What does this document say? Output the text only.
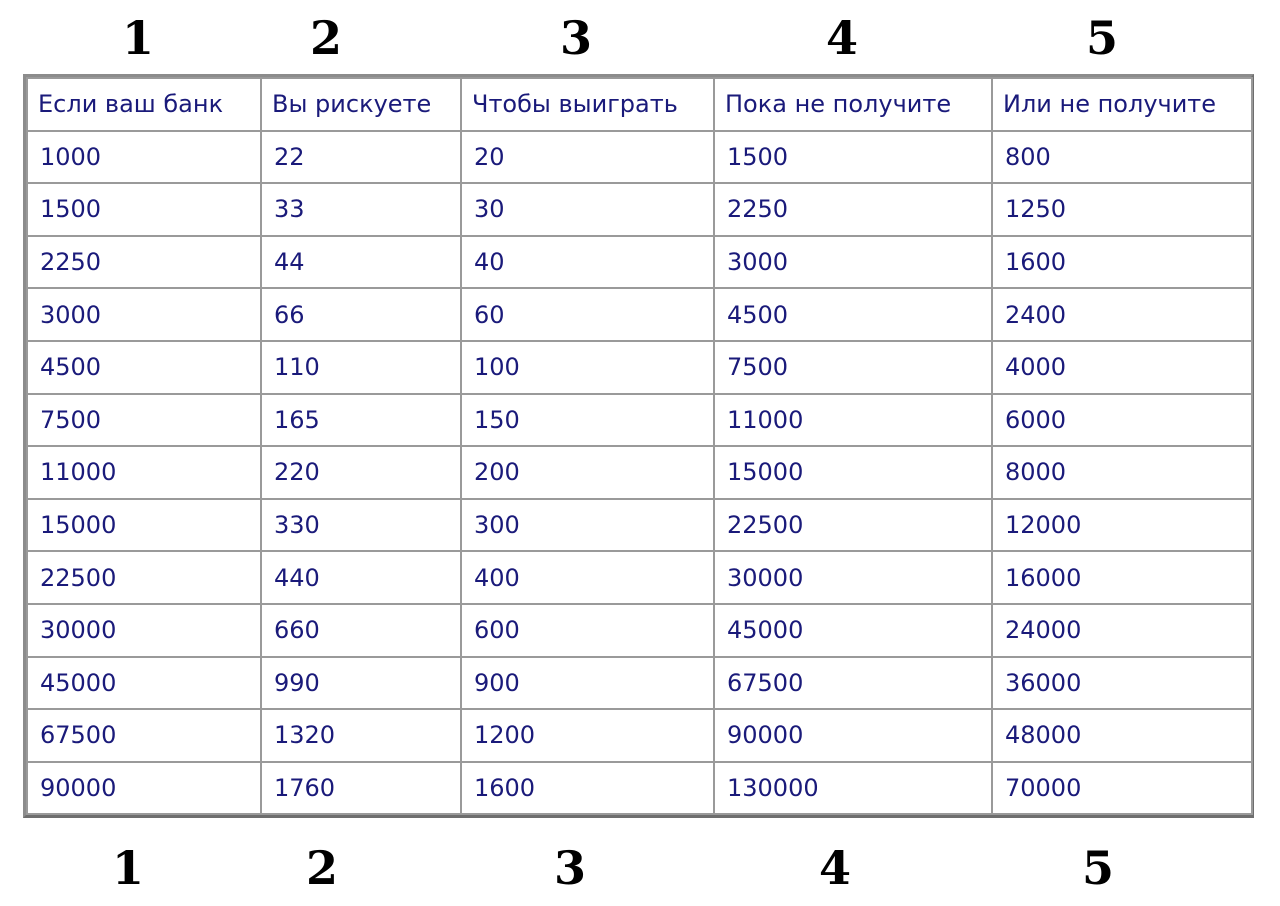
1	2	3	4	5
Если ваш банк	Вы рискуете	Чтобы выиграть	Пока не получите	Или не получите
1000	22	20	1500	800
1500	33	30	2250	1250
2250	44	40	3000	1600
3000	66	60	4500	2400
4500	110	100	7500	4000
7500	165	150	11000	6000
11000	220	200	15000	8000
15000	330	300	22500	12000
22500	440	400	30000	16000
30000	660	600	45000	24000
45000	990	900	67500	36000
67500	1320	1200	90000	48000
90000	1760	1600	130000	70000
1	2	3	4	5
